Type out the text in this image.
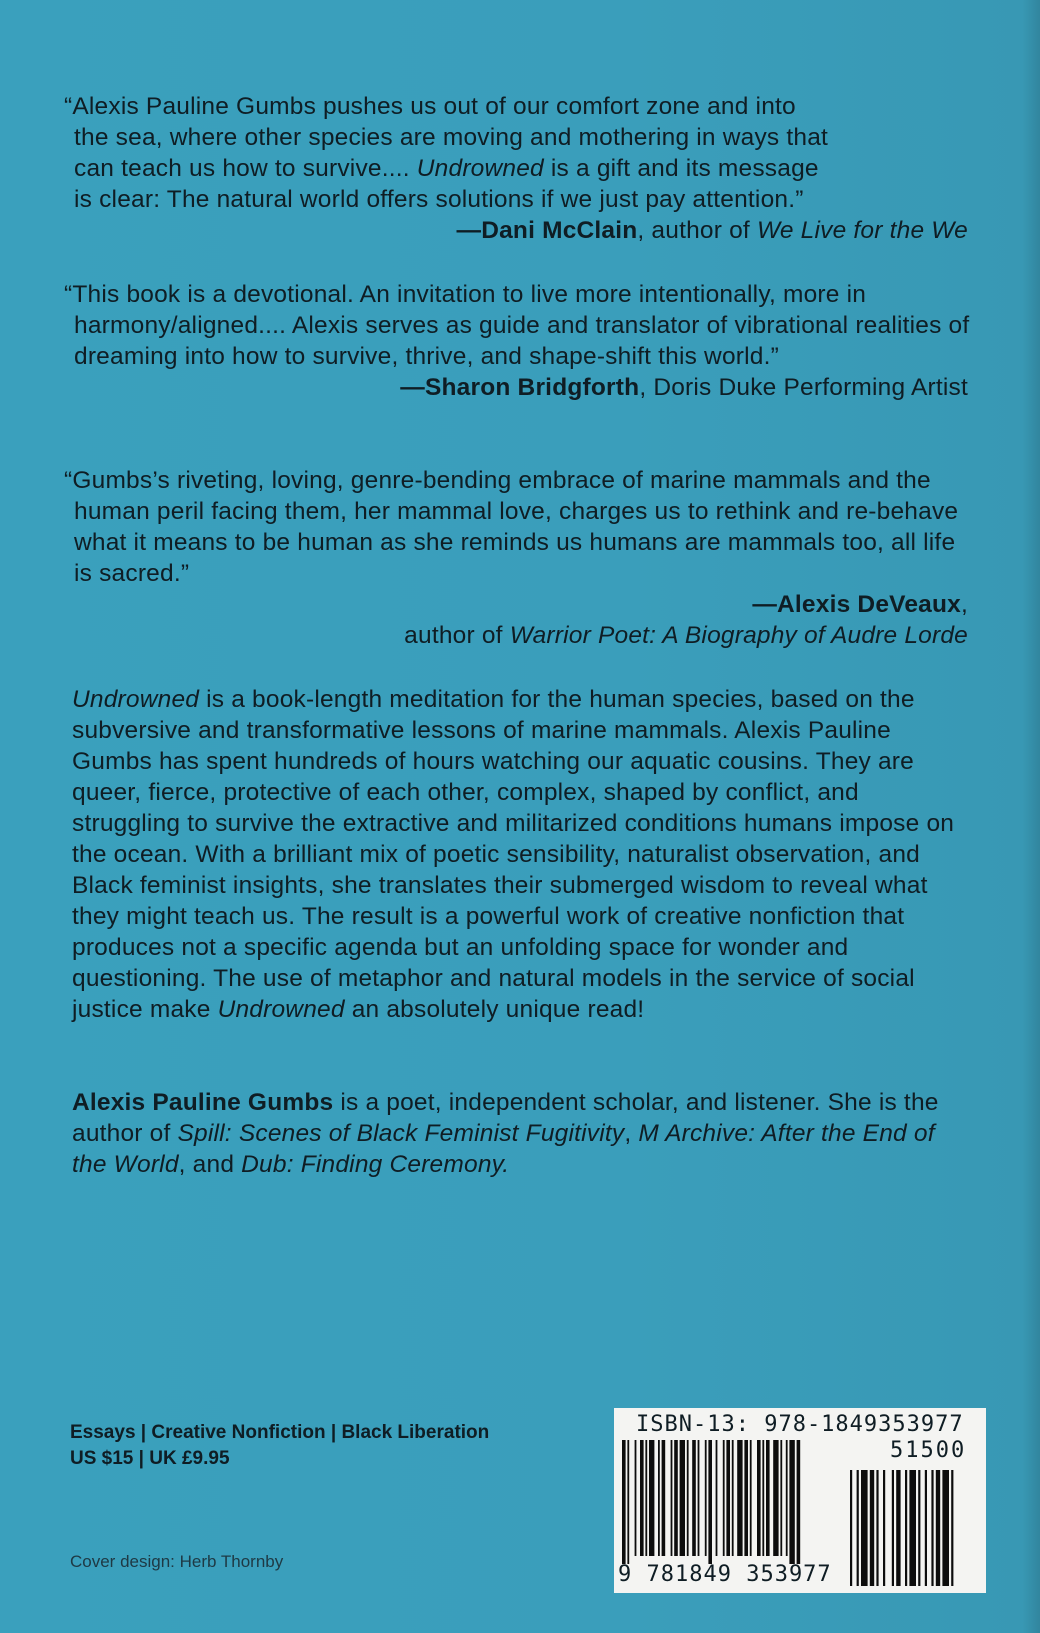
“Alexis Pauline Gumbs pushes us out of our comfort zone and into
the sea, where other species are moving and mothering in ways that
can teach us how to survive.... Undrowned is a gift and its message
is clear: The natural world offers solutions if we just pay attention.”

—Dani McClain, author of We Live for the We

“This book is a devotional. An invitation to live more intentionally, more in harmony/aligned.... Alexis serves as guide and translator of vibrational realities of dreaming into how to survive, thrive, and shape-shift this world.”

—Sharon Bridgforth, Doris Duke Performing Artist

“Gumbs’s riveting, loving, genre-bending embrace of marine mammals and the human peril facing them, her mammal love, charges us to rethink and re-behave what it means to be human as she reminds us humans are mammals too, all life is sacred.”

—Alexis DeVeaux,
author of Warrior Poet: A Biography of Audre Lorde

Undrowned is a book-length meditation for the human species, based on the subversive and transformative lessons of marine mammals. Alexis Pauline Gumbs has spent hundreds of hours watching our aquatic cousins. They are queer, fierce, protective of each other, complex, shaped by conflict, and struggling to survive the extractive and militarized conditions humans impose on the ocean. With a brilliant mix of poetic sensibility, naturalist observation, and Black feminist insights, she translates their submerged wisdom to reveal what they might teach us. The result is a powerful work of creative nonfiction that produces not a specific agenda but an unfolding space for wonder and questioning. The use of metaphor and natural models in the service of social justice make Undrowned an absolutely unique read!

Alexis Pauline Gumbs is a poet, independent scholar, and listener. She is the author of Spill: Scenes of Black Feminist Fugitivity, M Archive: After the End of the World, and Dub: Finding Ceremony.

Essays | Creative Nonfiction | Black Liberation
US $15 | UK £9.95

Cover design: Herb Thornby

ISBN-13: 978-1849353977
51500
9 781849 353977
